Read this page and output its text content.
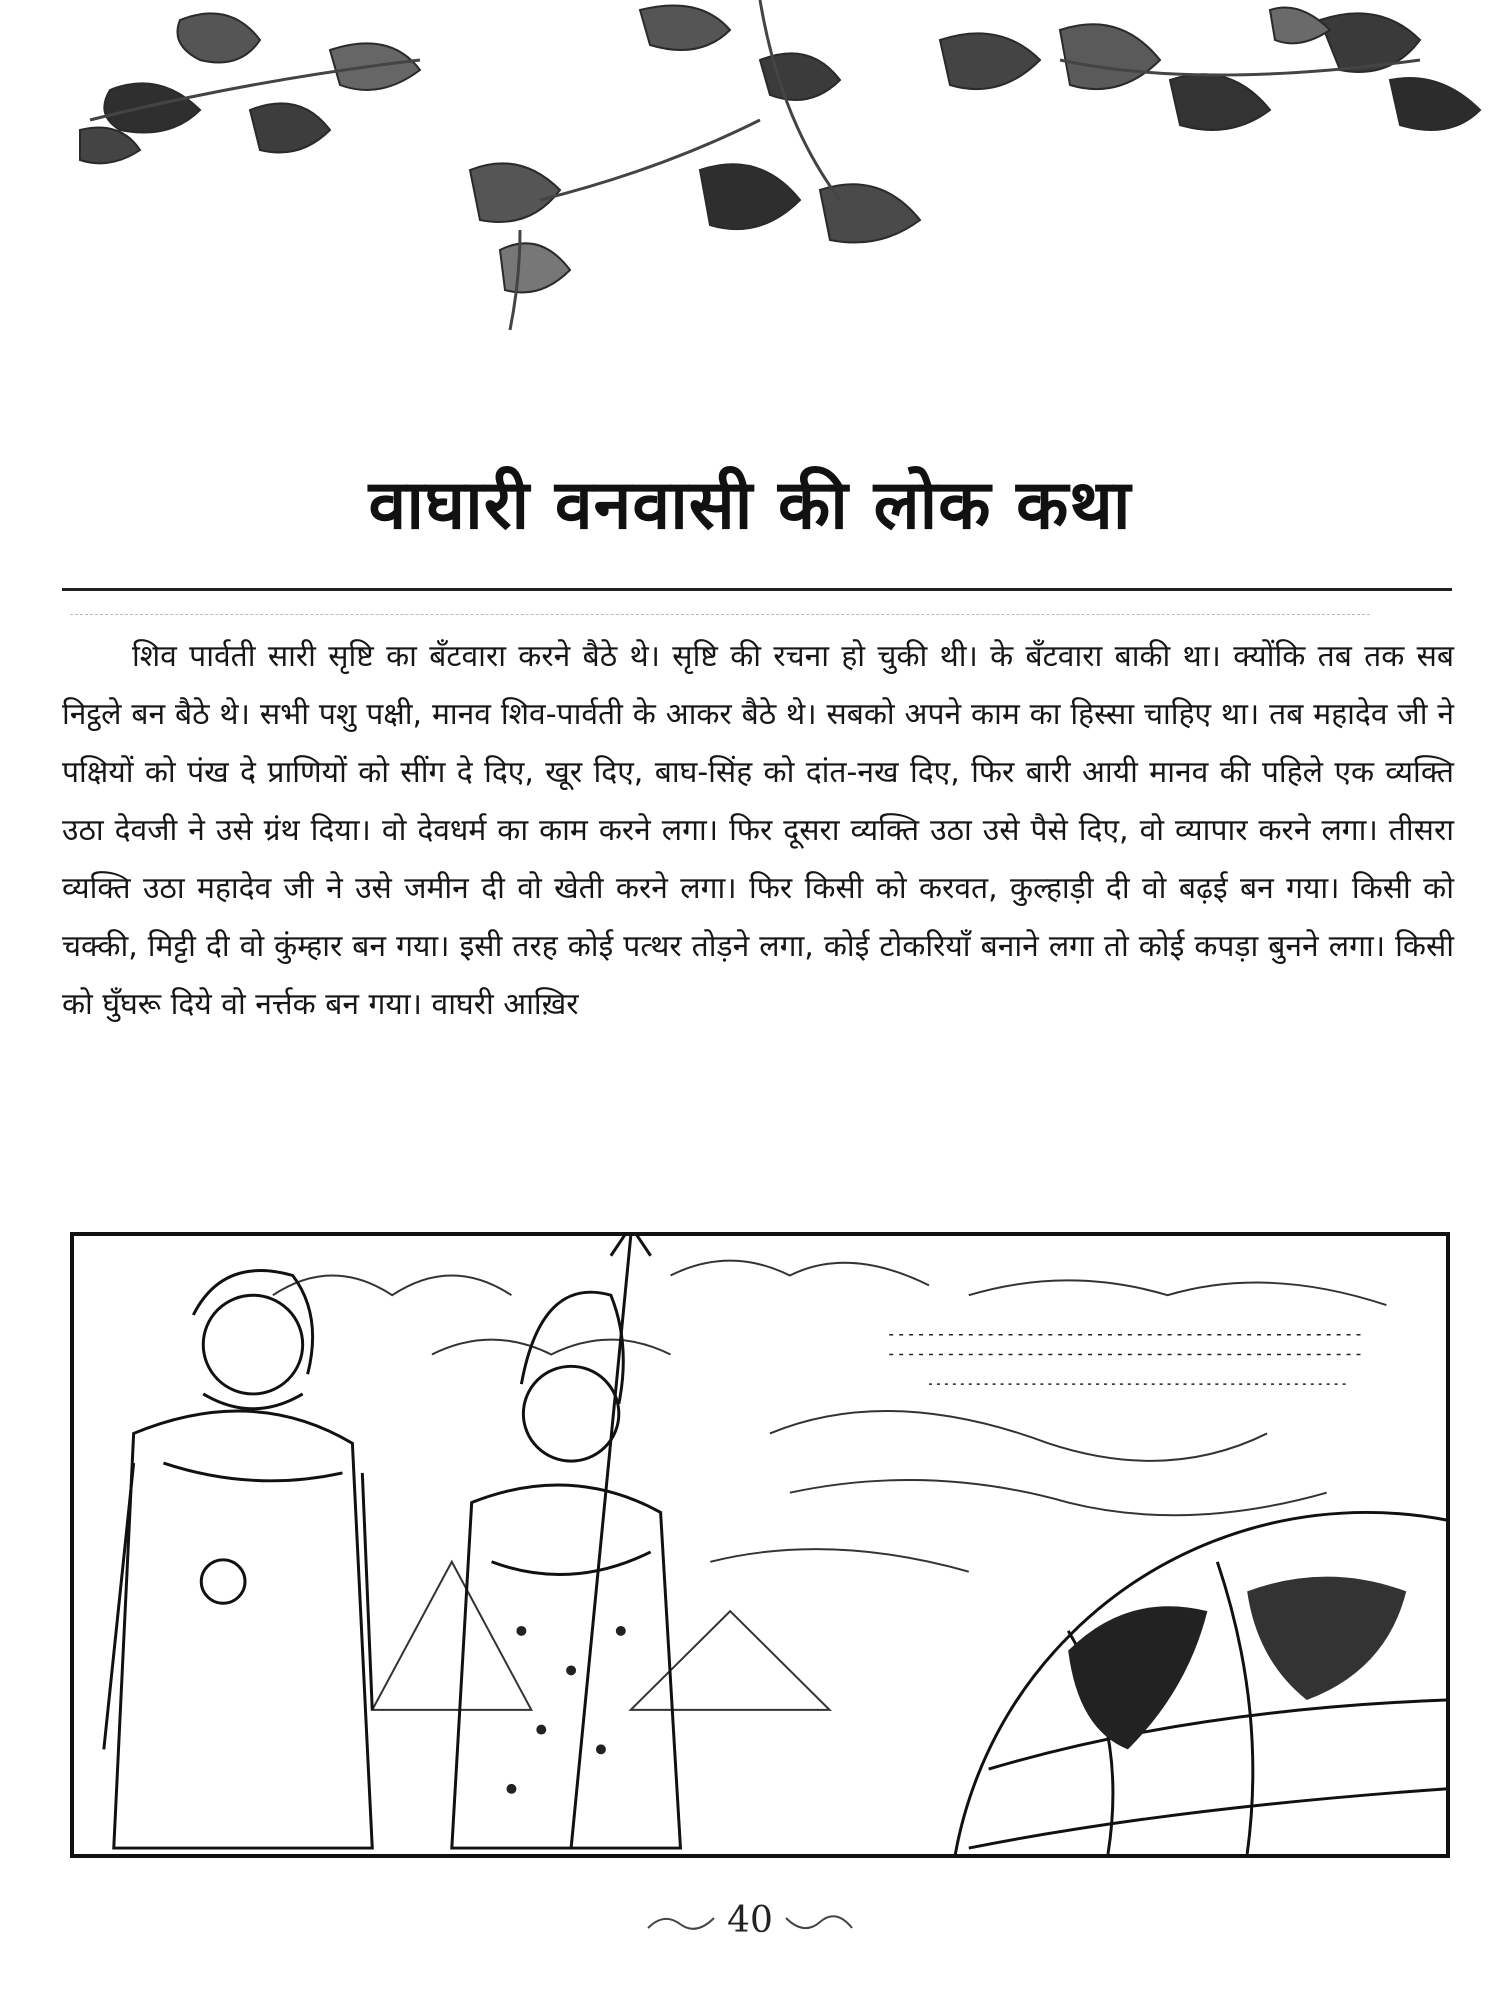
वाघारी वनवासी की लोक कथा

शिव पार्वती सारी सृष्टि का बँटवारा करने बैठे थे। सृष्टि की रचना हो चुकी थी। के बँटवारा बाकी था। क्योंकि तब तक सब निट्ठले बन बैठे थे। सभी पशु पक्षी, मानव शिव-पार्वती के आकर बैठे थे। सबको अपने काम का हिस्सा चाहिए था। तब महादेव जी ने पक्षियों को पंख दे प्राणियों को सींग दे दिए, खूर दिए, बाघ-सिंह को दांत-नख दिए, फिर बारी आयी मानव की पहिले एक व्यक्ति उठा देवजी ने उसे ग्रंथ दिया। वो देवधर्म का काम करने लगा। फिर दूसरा व्यक्ति उठा उसे पैसे दिए, वो व्यापार करने लगा। तीसरा व्यक्ति उठा महादेव जी ने उसे जमीन दी वो खेती करने लगा। फिर किसी को करवत, कुल्हाड़ी दी वो बढ़ई बन गया। किसी को चक्की, मिट्टी दी वो कुंम्हार बन गया। इसी तरह कोई पत्थर तोड़ने लगा, कोई टोकरियाँ बनाने लगा तो कोई कपड़ा बुनने लगा। किसी को घुँघरू दिये वो नर्त्तक बन गया। वाघरी आख़िर

40
